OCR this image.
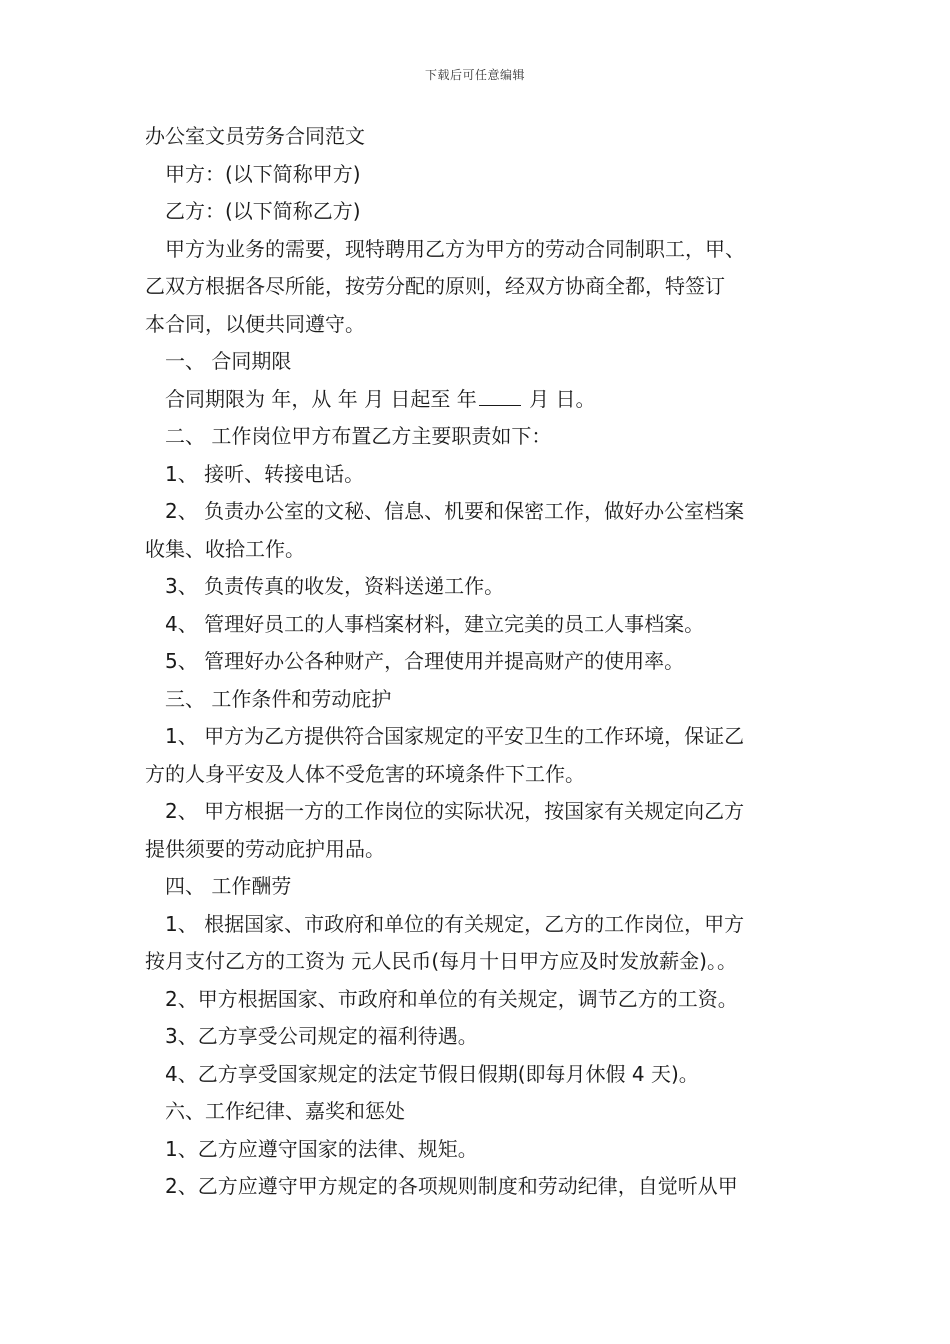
下载后可任意编辑
办公室文员劳务合同范文
甲方：(以下简称甲方)
乙方：(以下简称乙方)
甲方为业务的需要，现特聘用乙方为甲方的劳动合同制职工，甲、
乙双方根据各尽所能，按劳分配的原则，经双方协商全都，特签订
本合同，以便共同遵守。
一、 合同期限
合同期限为 年，从 年 月 日起至 年 月 日。
二、 工作岗位甲方布置乙方主要职责如下：
1、 接听、转接电话。
2、 负责办公室的文秘、信息、机要和保密工作，做好办公室档案
收集、收拾工作。
3、 负责传真的收发，资料送递工作。
4、 管理好员工的人事档案材料，建立完美的员工人事档案。
5、 管理好办公各种财产，合理使用并提高财产的使用率。
三、 工作条件和劳动庇护
1、 甲方为乙方提供符合国家规定的平安卫生的工作环境，保证乙
方的人身平安及人体不受危害的环境条件下工作。
2、 甲方根据一方的工作岗位的实际状况，按国家有关规定向乙方
提供须要的劳动庇护用品。
四、 工作酬劳
1、 根据国家、市政府和单位的有关规定，乙方的工作岗位，甲方
按月支付乙方的工资为 元人民币(每月十日甲方应及时发放薪金)。。
2、甲方根据国家、市政府和单位的有关规定，调节乙方的工资。
3、乙方享受公司规定的福利待遇。
4、乙方享受国家规定的法定节假日假期(即每月休假 4 天)。
六、工作纪律、嘉奖和惩处
1、乙方应遵守国家的法律、规矩。
2、乙方应遵守甲方规定的各项规则制度和劳动纪律，自觉听从甲
